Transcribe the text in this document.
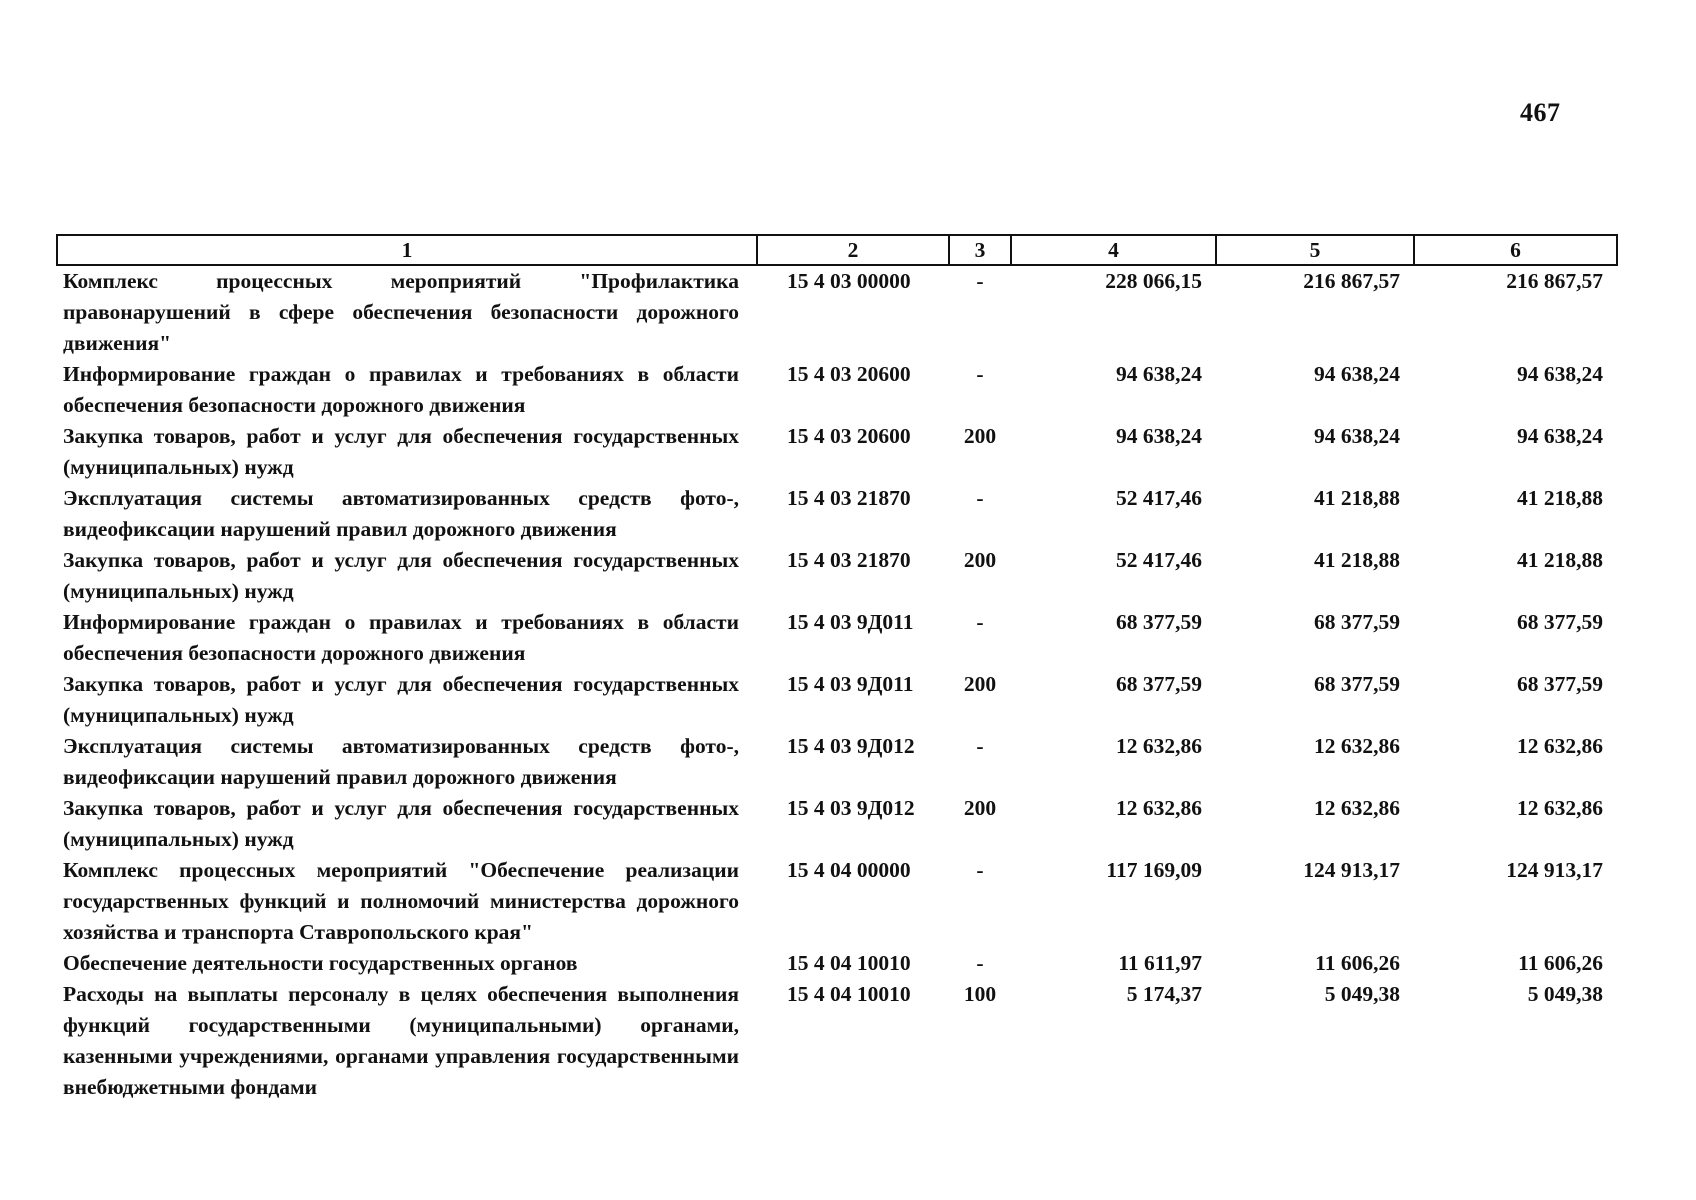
467
1	2	3	4	5	6
Комплекс процессных мероприятий "Профилактика правонарушений в сфере обеспечения безопасности дорожного движения"	15 4 03 00000	-	228 066,15	216 867,57	216 867,57
Информирование граждан о правилах и требованиях в области обеспечения безопасности дорожного движения	15 4 03 20600	-	94 638,24	94 638,24	94 638,24
Закупка товаров, работ и услуг для обеспечения государственных (муниципальных) нужд	15 4 03 20600	200	94 638,24	94 638,24	94 638,24
Эксплуатация системы автоматизированных средств фото-, видеофиксации нарушений правил дорожного движения	15 4 03 21870	-	52 417,46	41 218,88	41 218,88
Закупка товаров, работ и услуг для обеспечения государственных (муниципальных) нужд	15 4 03 21870	200	52 417,46	41 218,88	41 218,88
Информирование граждан о правилах и требованиях в области обеспечения безопасности дорожного движения	15 4 03 9Д011	-	68 377,59	68 377,59	68 377,59
Закупка товаров, работ и услуг для обеспечения государственных (муниципальных) нужд	15 4 03 9Д011	200	68 377,59	68 377,59	68 377,59
Эксплуатация системы автоматизированных средств фото-, видеофиксации нарушений правил дорожного движения	15 4 03 9Д012	-	12 632,86	12 632,86	12 632,86
Закупка товаров, работ и услуг для обеспечения государственных (муниципальных) нужд	15 4 03 9Д012	200	12 632,86	12 632,86	12 632,86
Комплекс процессных мероприятий "Обеспечение реализации государственных функций и полномочий министерства дорожного хозяйства и транспорта Ставропольского края"	15 4 04 00000	-	117 169,09	124 913,17	124 913,17
Обеспечение деятельности государственных органов	15 4 04 10010	-	11 611,97	11 606,26	11 606,26
Расходы на выплаты персоналу в целях обеспечения выполнения функций государственными (муниципальными) органами, казенными учреждениями, органами управления государственными внебюджетными фондами	15 4 04 10010	100	5 174,37	5 049,38	5 049,38
